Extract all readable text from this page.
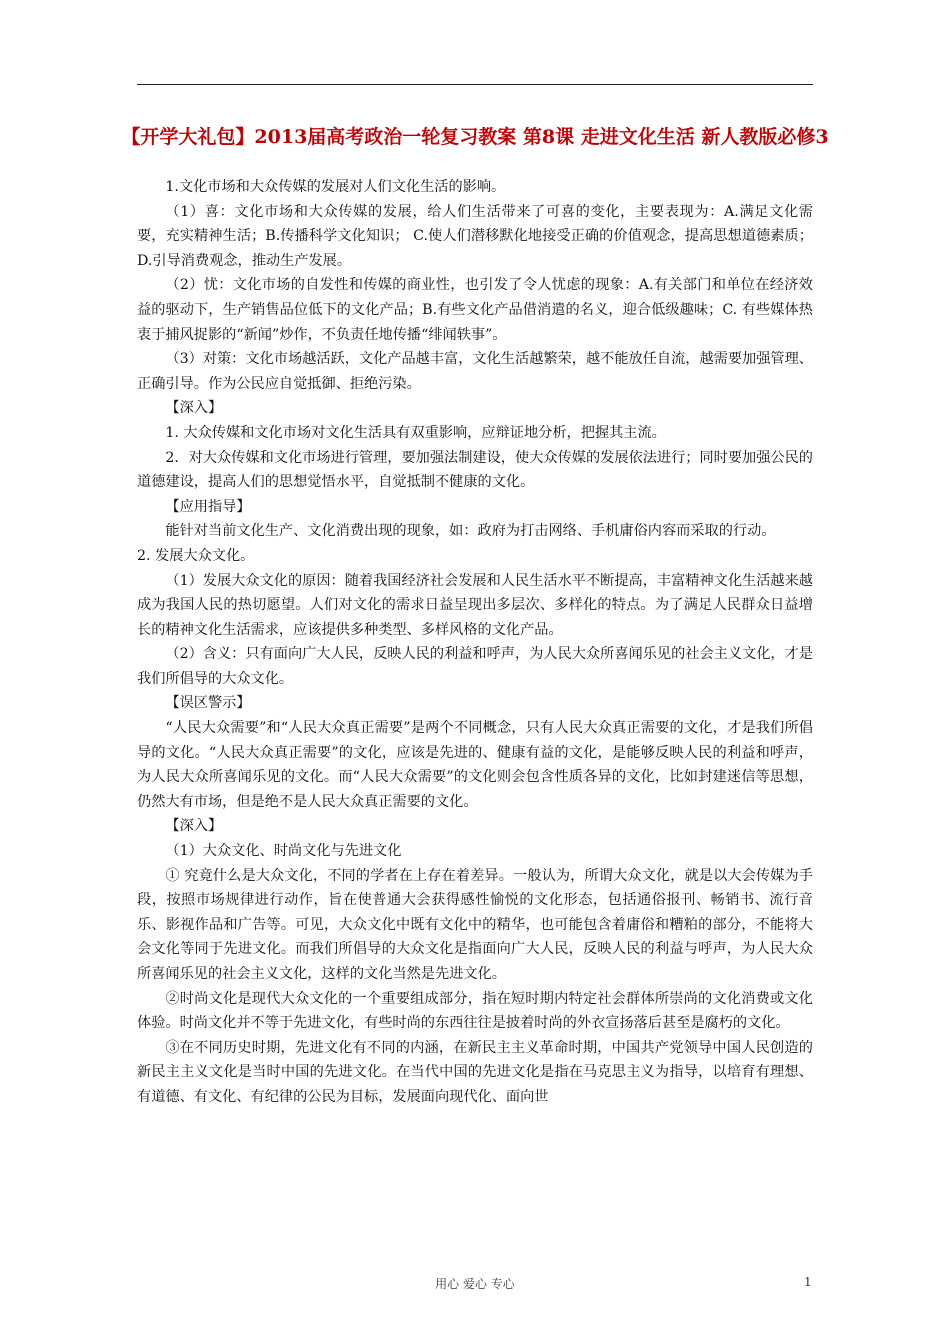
【开学大礼包】2013届高考政治一轮复习教案 第8课 走进文化生活 新人教版必修3

1.文化市场和大众传媒的发展对人们文化生活的影响。

（1）喜：文化市场和大众传媒的发展，给人们生活带来了可喜的变化，主要表现为：A.满足文化需要，充实精神生活；B.传播科学文化知识； C.使人们潜移默化地接受正确的价值观念，提高思想道德素质；D.引导消费观念，推动生产发展。

（2）忧：文化市场的自发性和传媒的商业性，也引发了令人忧虑的现象：A.有关部门和单位在经济效益的驱动下，生产销售品位低下的文化产品；B.有些文化产品借消遣的名义，迎合低级趣味；C. 有些媒体热衷于捕风捉影的“新闻”炒作，不负责任地传播“绯闻轶事”。

（3）对策：文化市场越活跃，文化产品越丰富，文化生活越繁荣，越不能放任自流，越需要加强管理、正确引导。作为公民应自觉抵御、拒绝污染。

【深入】

1. 大众传媒和文化市场对文化生活具有双重影响，应辩证地分析，把握其主流。

2．对大众传媒和文化市场进行管理，要加强法制建设，使大众传媒的发展依法进行；同时要加强公民的道德建设，提高人们的思想觉悟水平，自觉抵制不健康的文化。

【应用指导】

能针对当前文化生产、文化消费出现的现象，如：政府为打击网络、手机庸俗内容而采取的行动。

2. 发展大众文化。

（1）发展大众文化的原因：随着我国经济社会发展和人民生活水平不断提高，丰富精神文化生活越来越成为我国人民的热切愿望。人们对文化的需求日益呈现出多层次、多样化的特点。为了满足人民群众日益增长的精神文化生活需求，应该提供多种类型、多样风格的文化产品。

（2）含义：只有面向广大人民，反映人民的利益和呼声，为人民大众所喜闻乐见的社会主义文化，才是我们所倡导的大众文化。

【误区警示】

“人民大众需要”和“人民大众真正需要”是两个不同概念，只有人民大众真正需要的文化，才是我们所倡导的文化。“人民大众真正需要”的文化，应该是先进的、健康有益的文化，是能够反映人民的利益和呼声，为人民大众所喜闻乐见的文化。而“人民大众需要”的文化则会包含性质各异的文化，比如封建迷信等思想，仍然大有市场，但是绝不是人民大众真正需要的文化。

【深入】

（1）大众文化、时尚文化与先进文化

① 究竟什么是大众文化，不同的学者在上存在着差异。一般认为，所谓大众文化，就是以大会传媒为手段，按照市场规律进行动作，旨在使普通大会获得感性愉悦的文化形态，包括通俗报刊、畅销书、流行音乐、影视作品和广告等。可见，大众文化中既有文化中的精华，也可能包含着庸俗和糟粕的部分，不能将大会文化等同于先进文化。而我们所倡导的大众文化是指面向广大人民，反映人民的利益与呼声，为人民大众所喜闻乐见的社会主义文化，这样的文化当然是先进文化。

②时尚文化是现代大众文化的一个重要组成部分，指在短时期内特定社会群体所崇尚的文化消费或文化体验。时尚文化并不等于先进文化，有些时尚的东西往往是披着时尚的外衣宣扬落后甚至是腐朽的文化。

③在不同历史时期，先进文化有不同的内涵，在新民主主义革命时期，中国共产党领导中国人民创造的新民主主义文化是当时中国的先进文化。在当代中国的先进文化是指在马克思主义为指导，以培育有理想、有道德、有文化、有纪律的公民为目标，发展面向现代化、面向世

用心 爱心 专心	1
